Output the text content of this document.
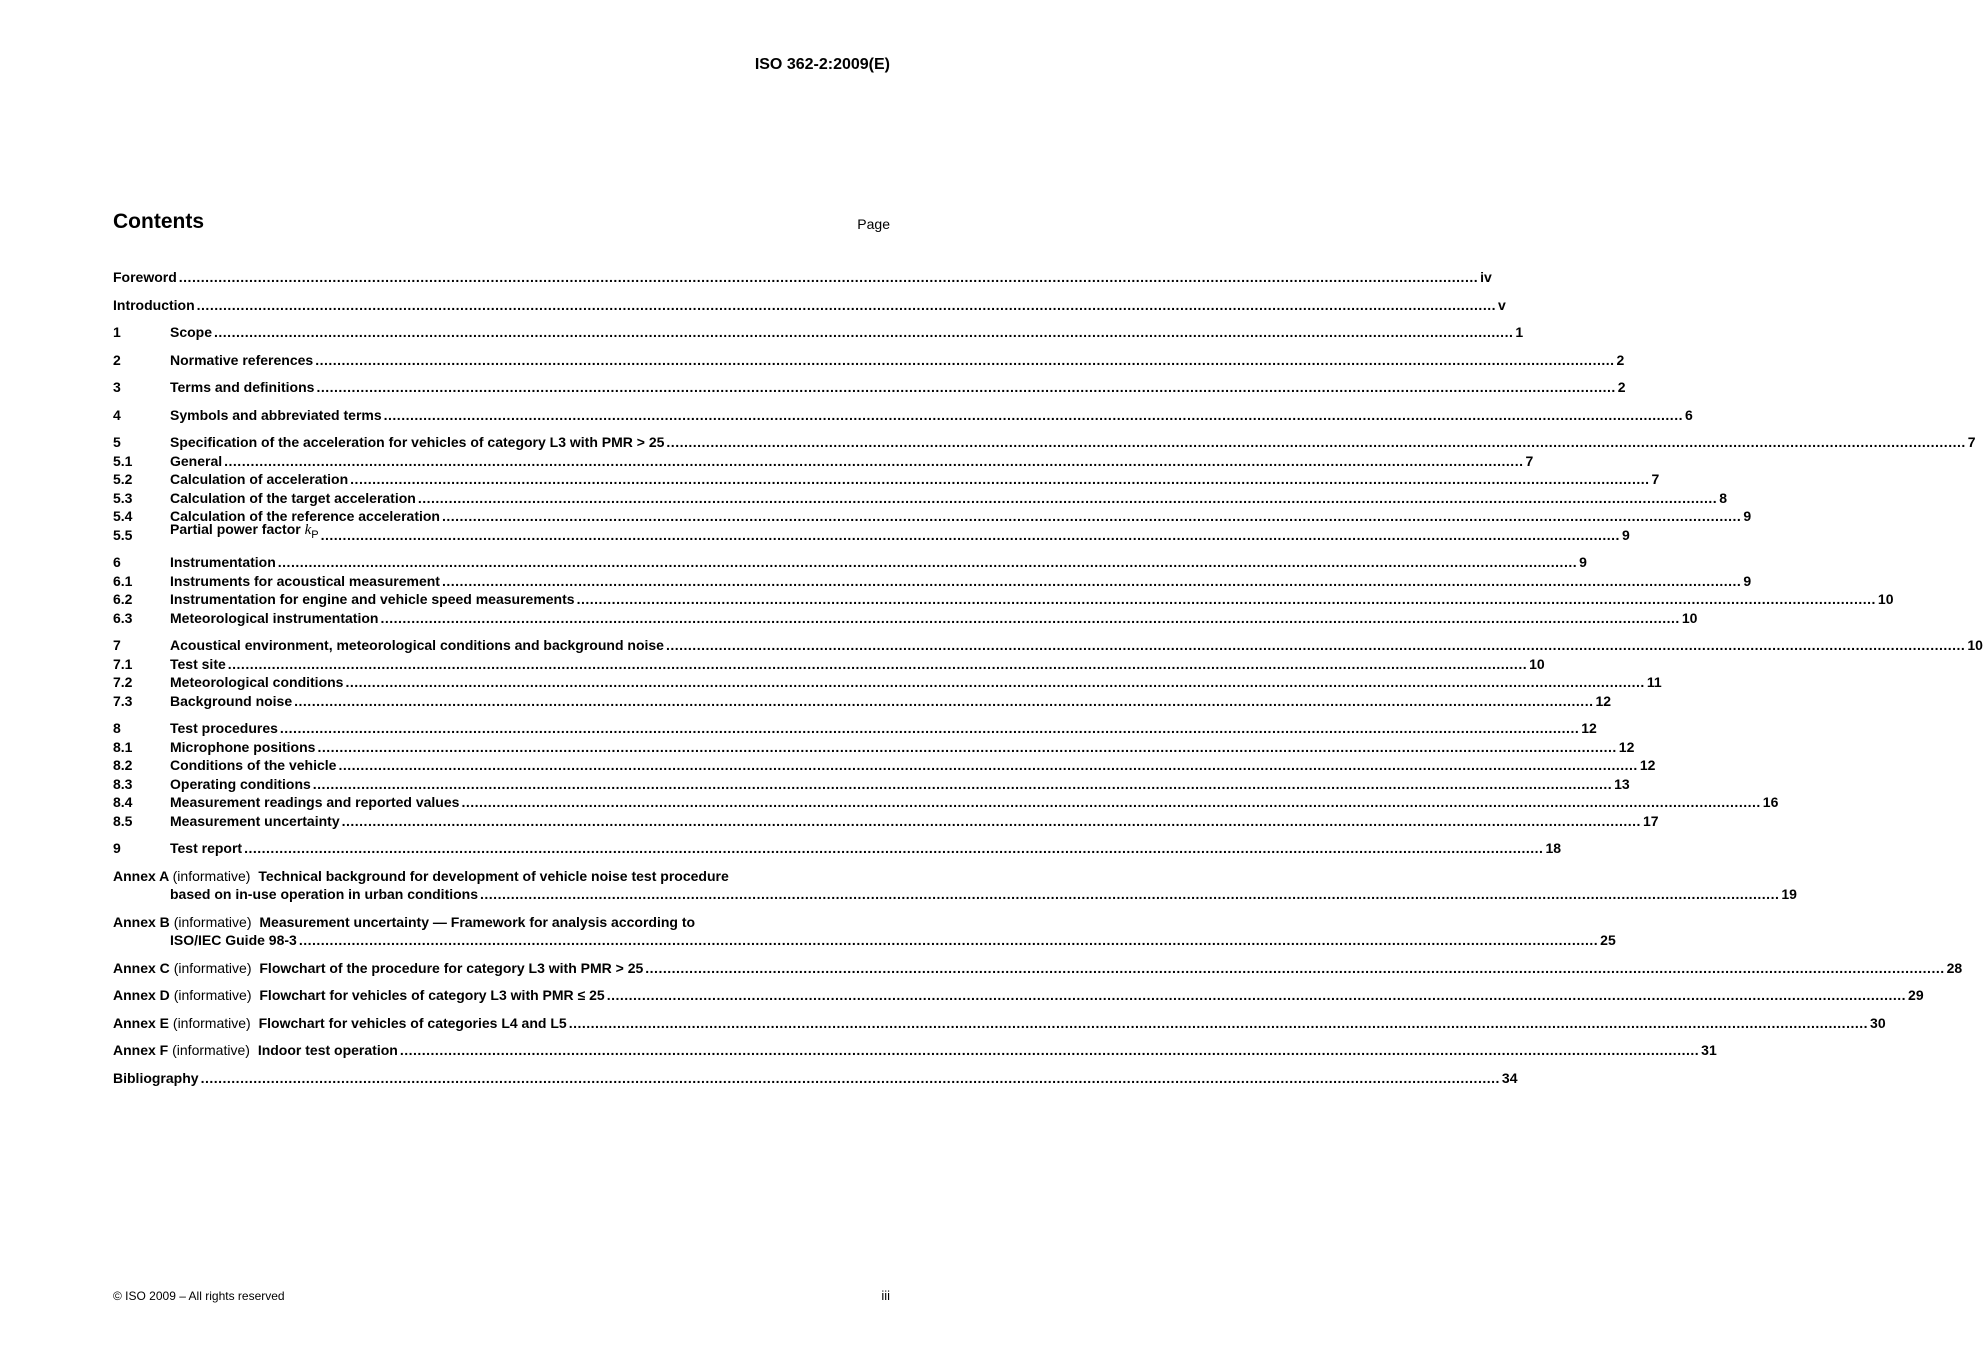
ISO 362-2:2009(E)
Contents	Page
Foreword .....	iv
Introduction .....	v
1	Scope .....	1
2	Normative references .....	2
3	Terms and definitions .....	2
4	Symbols and abbreviated terms .....	6
5	Specification of the acceleration for vehicles of category L3 with PMR > 25 .....	7
5.1	General .....	7
5.2	Calculation of acceleration .....	7
5.3	Calculation of the target acceleration .....	8
5.4	Calculation of the reference acceleration .....	9
5.5	Partial power factor $k_P$ .....	9
6	Instrumentation .....	9
6.1	Instruments for acoustical measurement .....	9
6.2	Instrumentation for engine and vehicle speed measurements .....	10
6.3	Meteorological instrumentation .....	10
7	Acoustical environment, meteorological conditions and background noise .....	10
7.1	Test site .....	10
7.2	Meteorological conditions .....	11
7.3	Background noise .....	12
8	Test procedures .....	12
8.1	Microphone positions .....	12
8.2	Conditions of the vehicle .....	12
8.3	Operating conditions .....	13
8.4	Measurement readings and reported values .....	16
8.5	Measurement uncertainty .....	17
9	Test report .....	18
Annex A (informative) Technical background for development of vehicle noise test procedure
based on in-use operation in urban conditions .....	19
Annex B (informative) Measurement uncertainty — Framework for analysis according to
ISO/IEC Guide 98-3 .....	25
Annex C (informative) Flowchart of the procedure for category L3 with PMR > 25 .....	28
Annex D (informative) Flowchart for vehicles of category L3 with PMR ≤ 25 .....	29
Annex E (informative) Flowchart for vehicles of categories L4 and L5 .....	30
Annex F (informative) Indoor test operation .....	31
Bibliography .....	34
© ISO 2009 – All rights reserved	iii
